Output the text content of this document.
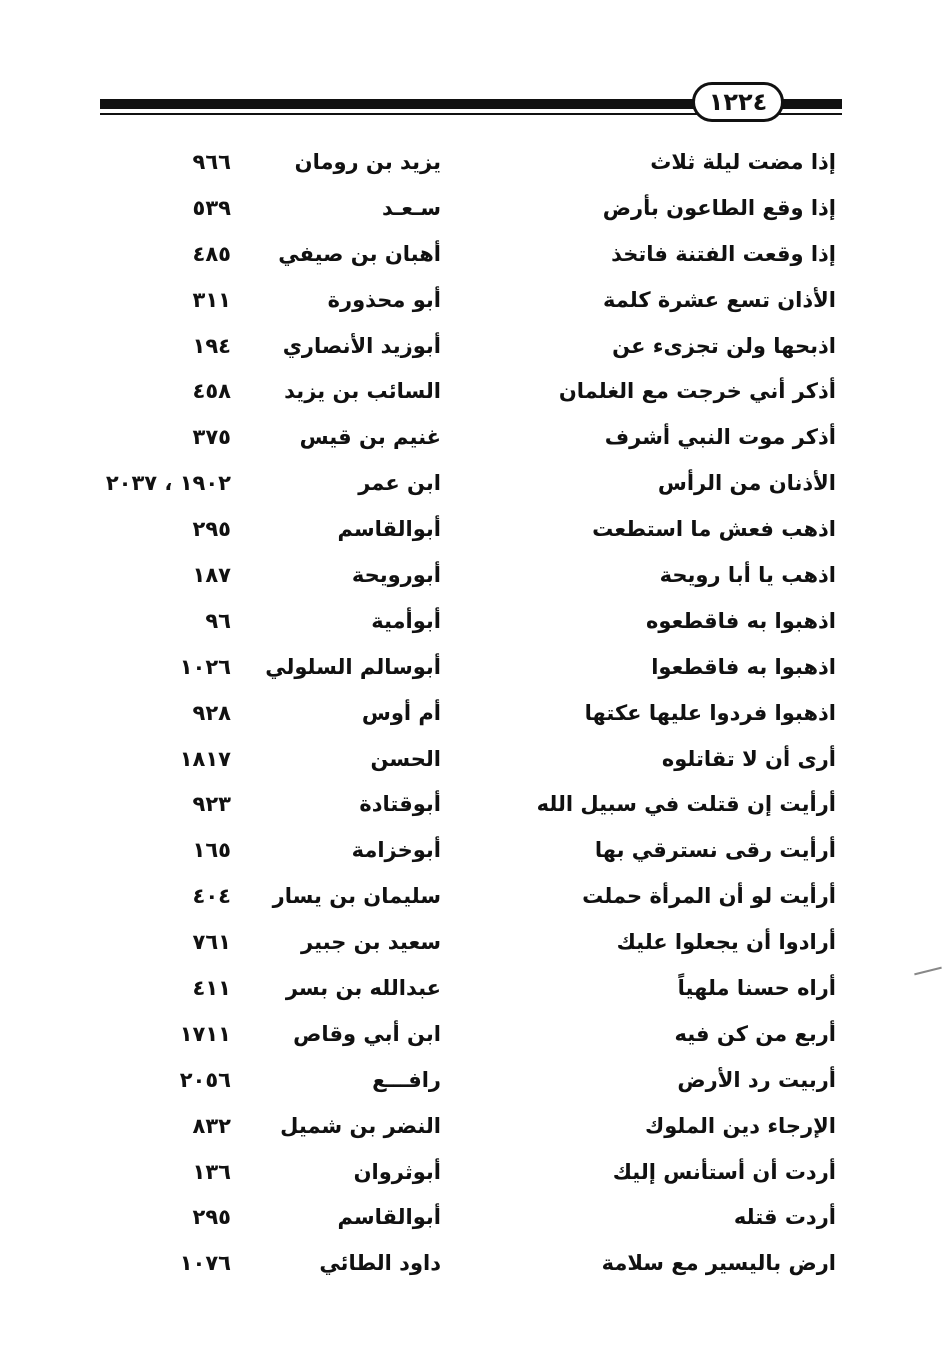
١٢٢٤
إذا مضت ليلة ثلاث
يزيد بن رومان
٩٦٦
إذا وقع الطاعون بأرض
سـعـد
٥٣٩
إذا وقعت الفتنة فاتخذ
أهبان بن صيفي
٤٨٥
الأذان تسع عشرة كلمة
أبو محذورة
٣١١
اذبحها ولن تجزىء عن
أبوزيد الأنصاري
١٩٤
أذكر أني خرجت مع الغلمان
السائب بن يزيد
٤٥٨
أذكر موت النبي أشرف
غنيم بن قيس
٣٧٥
الأذنان من الرأس
ابن عمر
١٩٠٢ ، ٢٠٣٧
اذهب فعش ما استطعت
أبوالقاسم
٢٩٥
اذهب يا أبا رويحة
أبورويحة
١٨٧
اذهبوا به فاقطعوه
أبوأمية
٩٦
اذهبوا به فاقطعوا
أبوسالم السلولي
١٠٢٦
اذهبوا فردوا عليها عكتها
أم أوس
٩٢٨
أرى أن لا تقاتلوه
الحسن
١٨١٧
أرأيت إن قتلت في سبيل الله
أبوقتادة
٩٢٣
أرأيت رقى نسترقي بها
أبوخزامة
١٦٥
أرأيت لو أن المرأة حملت
سليمان بن يسار
٤٠٤
أرادوا أن يجعلوا عليك
سعيد بن جبير
٧٦١
أراه حسنا ملهياً
عبدالله بن بسر
٤١١
أربع من كن فيه
ابن أبي وقاص
١٧١١
أربيت رد الأرض
رافـــع
٢٠٥٦
الإرجاء دين الملوك
النضر بن شميل
٨٣٢
أردت أن أستأنس إليك
أبوثروان
١٣٦
أردت قتله
أبوالقاسم
٢٩٥
ارض باليسير مع سلامة
داود الطائي
١٠٧٦
